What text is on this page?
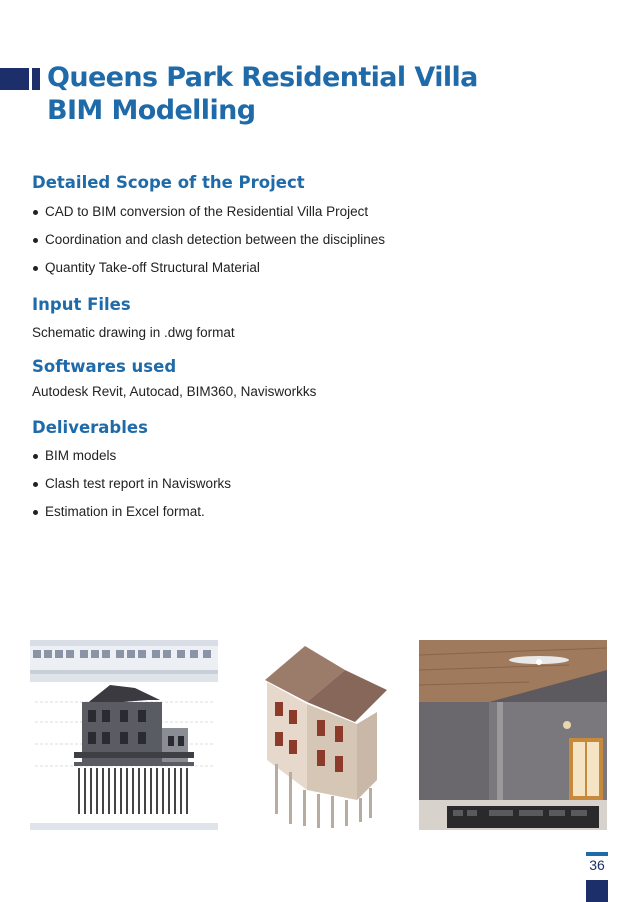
Queens Park Residential Villa
BIM Modelling
Detailed Scope of the Project
CAD to BIM conversion of the Residential Villa Project
Coordination and clash detection between the disciplines
Quantity Take-off Structural Material
Input Files
Schematic drawing in .dwg format
Softwares used
Autodesk Revit, Autocad, BIM360, Navisworkks
Deliverables
BIM models
Clash test report in Navisworks
Estimation in Excel format.
36
